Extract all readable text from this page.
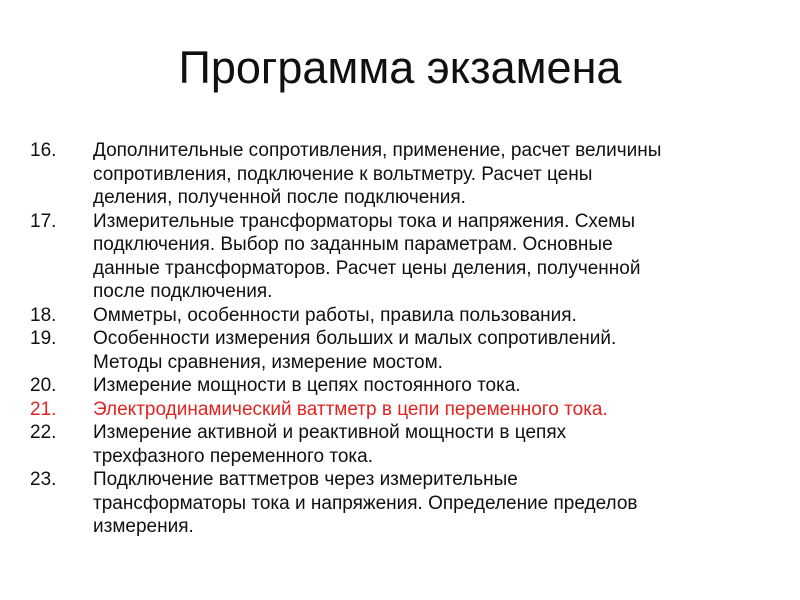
Программа экзамена
16.	Дополнительные сопротивления, применение, расчет величины
сопротивления, подключение к вольтметру. Расчет цены
деления, полученной после подключения.
17.	Измерительные трансформаторы тока и напряжения. Схемы
подключения. Выбор по заданным параметрам. Основные
данные трансформаторов. Расчет цены деления, полученной
после подключения.
18.	Омметры, особенности работы, правила пользования.
19.	Особенности измерения больших и малых сопротивлений.
Методы сравнения, измерение мостом.
20.	Измерение мощности в цепях постоянного тока.
21.	Электродинамический ваттметр в цепи переменного тока.
22.	Измерение активной и реактивной мощности в цепях
трехфазного переменного тока.
23.	Подключение ваттметров через измерительные
трансформаторы тока и напряжения. Определение пределов
измерения.
